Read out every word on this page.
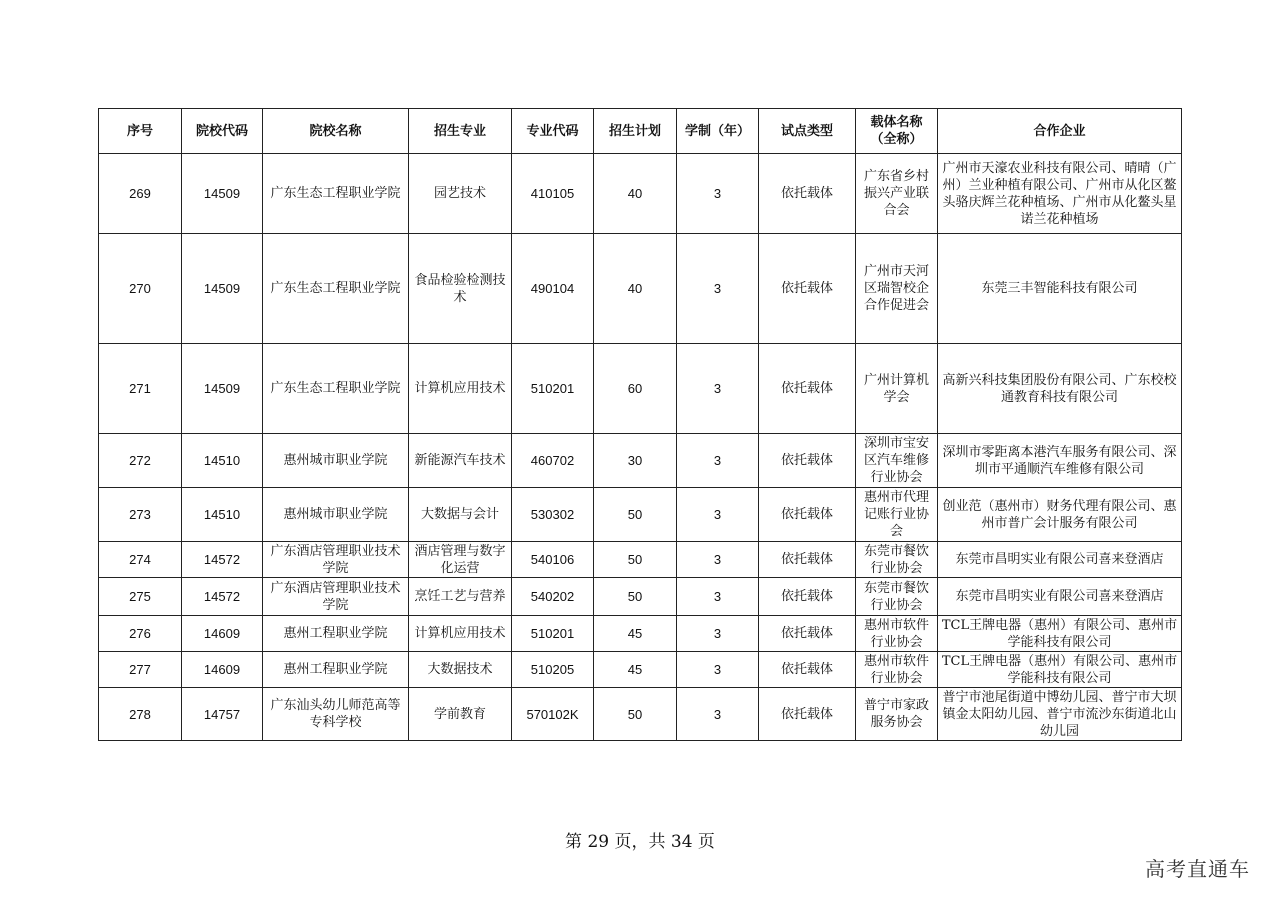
序号	院校代码	院校名称	招生专业	专业代码	招生计划	学制（年）	试点类型	载体名称（全称）	合作企业
269	14509	广东生态工程职业学院	园艺技术	410105	40	3	依托载体	广东省乡村振兴产业联合会	广州市天濠农业科技有限公司、晴晴（广州）兰业种植有限公司、广州市从化区鳌头骆庆辉兰花种植场、广州市从化鳌头星诺兰花种植场
270	14509	广东生态工程职业学院	食品检验检测技术	490104	40	3	依托载体	广州市天河区瑞智校企合作促进会	东莞三丰智能科技有限公司
271	14509	广东生态工程职业学院	计算机应用技术	510201	60	3	依托载体	广州计算机学会	高新兴科技集团股份有限公司、广东校校通教育科技有限公司
272	14510	惠州城市职业学院	新能源汽车技术	460702	30	3	依托载体	深圳市宝安区汽车维修行业协会	深圳市零距离本港汽车服务有限公司、深圳市平通顺汽车维修有限公司
273	14510	惠州城市职业学院	大数据与会计	530302	50	3	依托载体	惠州市代理记账行业协会	创业范（惠州市）财务代理有限公司、惠州市普广会计服务有限公司
274	14572	广东酒店管理职业技术学院	酒店管理与数字化运营	540106	50	3	依托载体	东莞市餐饮行业协会	东莞市昌明实业有限公司喜来登酒店
275	14572	广东酒店管理职业技术学院	烹饪工艺与营养	540202	50	3	依托载体	东莞市餐饮行业协会	东莞市昌明实业有限公司喜来登酒店
276	14609	惠州工程职业学院	计算机应用技术	510201	45	3	依托载体	惠州市软件行业协会	TCL王牌电器（惠州）有限公司、惠州市学能科技有限公司
277	14609	惠州工程职业学院	大数据技术	510205	45	3	依托载体	惠州市软件行业协会	TCL王牌电器（惠州）有限公司、惠州市学能科技有限公司
278	14757	广东汕头幼儿师范高等专科学校	学前教育	570102K	50	3	依托载体	普宁市家政服务协会	普宁市池尾街道中博幼儿园、普宁市大坝镇金太阳幼儿园、普宁市流沙东街道北山幼儿园
第 29 页，共 34 页
高考直通车
